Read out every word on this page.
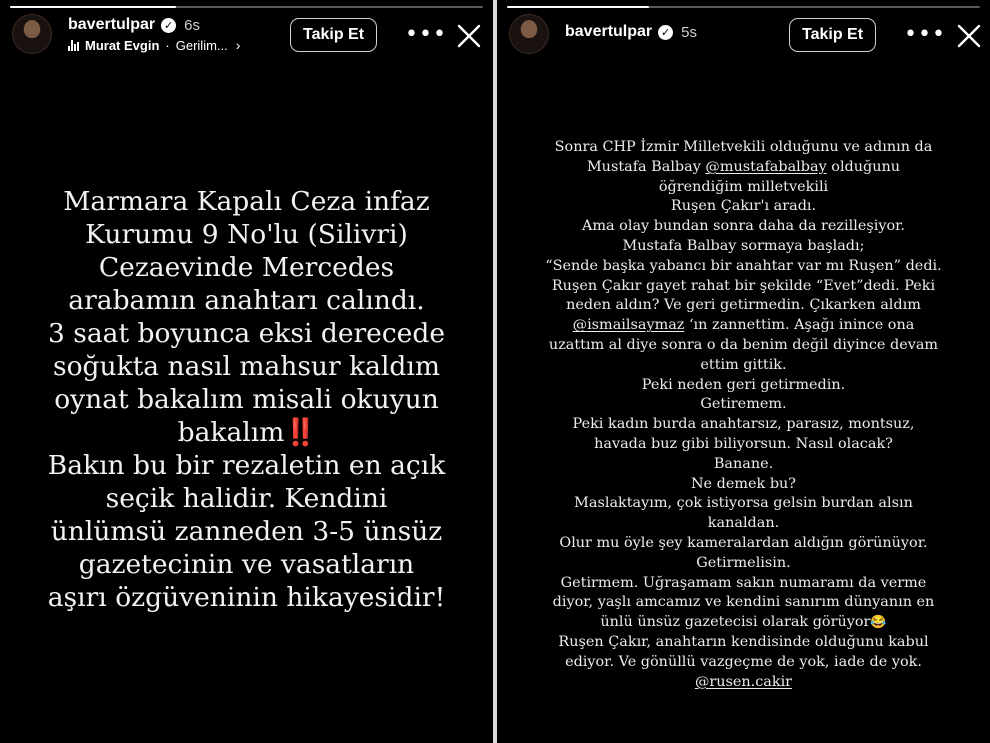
bavertulpar ✓ 6s
Murat Evgin · Gerilim... ›
Takip Et	•••

Marmara Kapalı Ceza infaz
Kurumu 9 No'lu (Silivri)
Cezaevinde Mercedes
arabamın anahtarı calındı.
3 saat boyunca eksi derecede
soğukta nasıl mahsur kaldım
oynat bakalım misali okuyun
bakalım‼️
Bakın bu bir rezaletin en açık
seçik halidir. Kendini
ünlümsü zanneden 3-5 ünsüz
gazetecinin ve vasatların
aşırı özgüveninin hikayesidir!

bavertulpar ✓ 5s	Takip Et	•••

Sonra CHP İzmir Milletvekili olduğunu ve adının da
Mustafa Balbay @mustafabalbay olduğunu
öğrendiğim milletvekili
Ruşen Çakır'ı aradı.
Ama olay bundan sonra daha da rezilleşiyor.
Mustafa Balbay sormaya başladı;
“Sende başka yabancı bir anahtar var mı Ruşen” dedi.
Ruşen Çakır gayet rahat bir şekilde “Evet”dedi. Peki
neden aldın? Ve geri getirmedin. Çıkarken aldım
@ismailsaymaz ‘ın zannettim. Aşağı inince ona
uzattım al diye sonra o da benim değil diyince devam
ettim gittik.
Peki neden geri getirmedin.
Getiremem.
Peki kadın burda anahtarsız, parasız, montsuz,
havada buz gibi biliyorsun. Nasıl olacak?
Banane.
Ne demek bu?
Maslaktayım, çok istiyorsa gelsin burdan alsın
kanaldan.
Olur mu öyle şey kameralardan aldığın görünüyor.
Getirmelisin.
Getirmem. Uğraşamam sakın numaramı da verme
diyor, yaşlı amcamız ve kendini sanırım dünyanın en
ünlü ünsüz gazetecisi olarak görüyor😂
Ruşen Çakır, anahtarın kendisinde olduğunu kabul
ediyor. Ve gönüllü vazgeçme de yok, iade de yok.
@rusen.cakir
